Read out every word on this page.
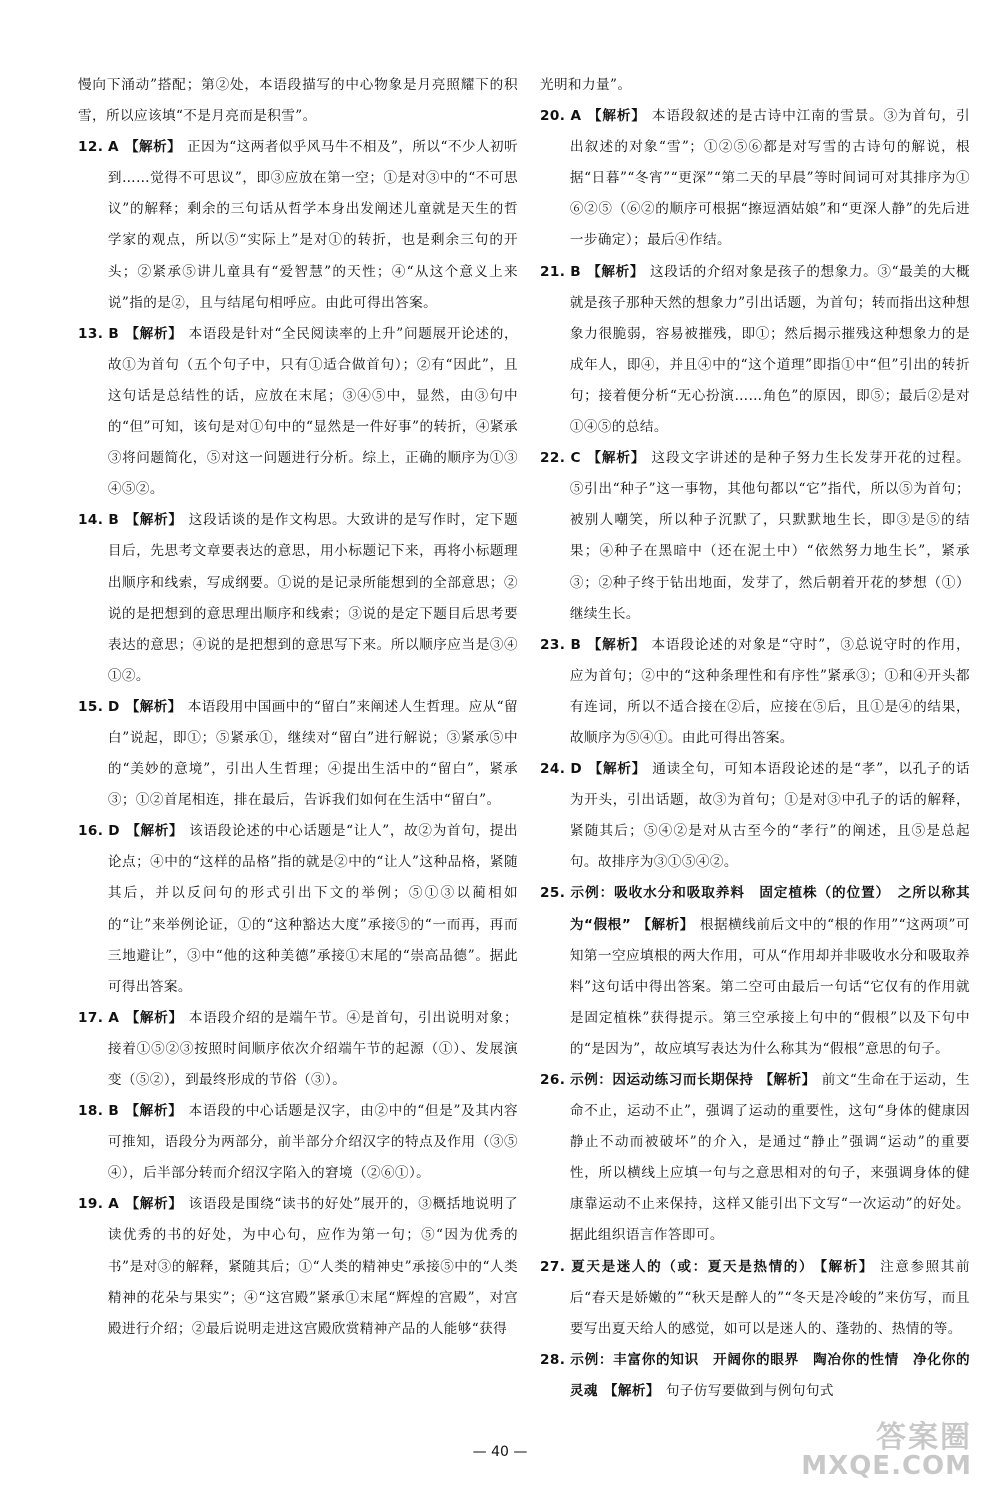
慢向下涌动”搭配；第②处，本语段描写的中心物象是月亮照耀下的积雪，所以应该填“不是月亮而是积雪”。

12. A 【解析】 正因为“这两者似乎风马牛不相及”，所以“不少人初听到……觉得不可思议”，即③应放在第一空；①是对③中的“不可思议”的解释；剩余的三句话从哲学本身出发阐述儿童就是天生的哲学家的观点，所以⑤“实际上”是对①的转折，也是剩余三句的开头；②紧承⑤讲儿童具有“爱智慧”的天性；④“从这个意义上来说”指的是②，且与结尾句相呼应。由此可得出答案。

13. B 【解析】 本语段是针对“全民阅读率的上升”问题展开论述的，故①为首句（五个句子中，只有①适合做首句）；②有“因此”，且这句话是总结性的话，应放在末尾；③④⑤中，显然，由③句中的“但”可知，该句是对①句中的“显然是一件好事”的转折，④紧承③将问题简化，⑤对这一问题进行分析。综上，正确的顺序为①③④⑤②。

14. B 【解析】 这段话谈的是作文构思。大致讲的是写作时，定下题目后，先思考文章要表达的意思，用小标题记下来，再将小标题理出顺序和线索，写成纲要。①说的是记录所能想到的全部意思；②说的是把想到的意思理出顺序和线索；③说的是定下题目后思考要表达的意思；④说的是把想到的意思写下来。所以顺序应当是③④①②。

15. D 【解析】 本语段用中国画中的“留白”来阐述人生哲理。应从“留白”说起，即①；⑤紧承①，继续对“留白”进行解说；③紧承⑤中的“美妙的意境”，引出人生哲理；④提出生活中的“留白”，紧承③；①②首尾相连，排在最后，告诉我们如何在生活中“留白”。

16. D 【解析】 该语段论述的中心话题是“让人”，故②为首句，提出论点；④中的“这样的品格”指的就是②中的“让人”这种品格，紧随其后，并以反问句的形式引出下文的举例；⑤①③以蔺相如的“让”来举例论证，①的“这种豁达大度”承接⑤的“一而再，再而三地避让”，③中“他的这种美德”承接①末尾的“崇高品德”。据此可得出答案。

17. A 【解析】 本语段介绍的是端午节。④是首句，引出说明对象；接着①⑤②③按照时间顺序依次介绍端午节的起源（①）、发展演变（⑤②），到最终形成的节俗（③）。

18. B 【解析】 本语段的中心话题是汉字，由②中的“但是”及其内容可推知，语段分为两部分，前半部分介绍汉字的特点及作用（③⑤④），后半部分转而介绍汉字陷入的窘境（②⑥①）。

19. A 【解析】 该语段是围绕“读书的好处”展开的，③概括地说明了读优秀的书的好处，为中心句，应作为第一句；⑤“因为优秀的书”是对③的解释，紧随其后；①“人类的精神史”承接⑤中的“人类精神的花朵与果实”；④“这宫殿”紧承①末尾“辉煌的宫殿”，对宫殿进行介绍；②最后说明走进这宫殿欣赏精神产品的人能够“获得

光明和力量”。

20. A 【解析】 本语段叙述的是古诗中江南的雪景。③为首句，引出叙述的对象“雪”；①②⑤⑥都是对写雪的古诗句的解说，根据“日暮”“冬宵”“更深”“第二天的早晨”等时间词可对其排序为①⑥②⑤（⑥②的顺序可根据“擦逗酒姑娘”和“更深人静”的先后进一步确定）；最后④作结。

21. B 【解析】 这段话的介绍对象是孩子的想象力。③“最美的大概就是孩子那种天然的想象力”引出话题，为首句；转而指出这种想象力很脆弱，容易被摧残，即①；然后揭示摧残这种想象力的是成年人，即④，并且④中的“这个道理”即指①中“但”引出的转折句；接着便分析“无心扮演……角色”的原因，即⑤；最后②是对①④⑤的总结。

22. C 【解析】 这段文字讲述的是种子努力生长发芽开花的过程。⑤引出“种子”这一事物，其他句都以“它”指代，所以⑤为首句；被别人嘲笑，所以种子沉默了，只默默地生长，即③是⑤的结果；④种子在黑暗中（还在泥土中）“依然努力地生长”，紧承③；②种子终于钻出地面，发芽了，然后朝着开花的梦想（①）继续生长。

23. B 【解析】 本语段论述的对象是“守时”，③总说守时的作用，应为首句；②中的“这种条理性和有序性”紧承③；①和④开头都有连词，所以不适合接在②后，应接在⑤后，且①是④的结果，故顺序为⑤④①。由此可得出答案。

24. D 【解析】 通读全句，可知本语段论述的是“孝”，以孔子的话为开头，引出话题，故③为首句；①是对③中孔子的话的解释，紧随其后；⑤④②是对从古至今的“孝行”的阐述，且⑤是总起句。故排序为③①⑤④②。

25. 示例：吸收水分和吸取养料　固定植株（的位置）　之所以称其为“假根” 【解析】 根据横线前后文中的“根的作用”“这两项”可知第一空应填根的两大作用，可从“作用却并非吸收水分和吸取养料”这句话中得出答案。第二空可由最后一句话“它仅有的作用就是固定植株”获得提示。第三空承接上句中的“假根”以及下句中的“是因为”，故应填写表达为什么称其为“假根”意思的句子。

26. 示例：因运动练习而长期保持 【解析】 前文“生命在于运动，生命不止，运动不止”，强调了运动的重要性，这句“身体的健康因静止不动而被破坏”的介入，是通过“静止”强调“运动”的重要性，所以横线上应填一句与之意思相对的句子，来强调身体的健康靠运动不止来保持，这样又能引出下文写“一次运动”的好处。据此组织语言作答即可。

27. 夏天是迷人的（或：夏天是热情的） 【解析】 注意参照其前后“春天是娇嫩的”“秋天是醉人的”“冬天是冷峻的”来仿写，而且要写出夏天给人的感觉，如可以是迷人的、蓬勃的、热情的等。

28. 示例：丰富你的知识　开阔你的眼界　陶冶你的性情　净化你的灵魂 【解析】 句子仿写要做到与例句句式

— 40 —	答案圈
MXQE.COM
